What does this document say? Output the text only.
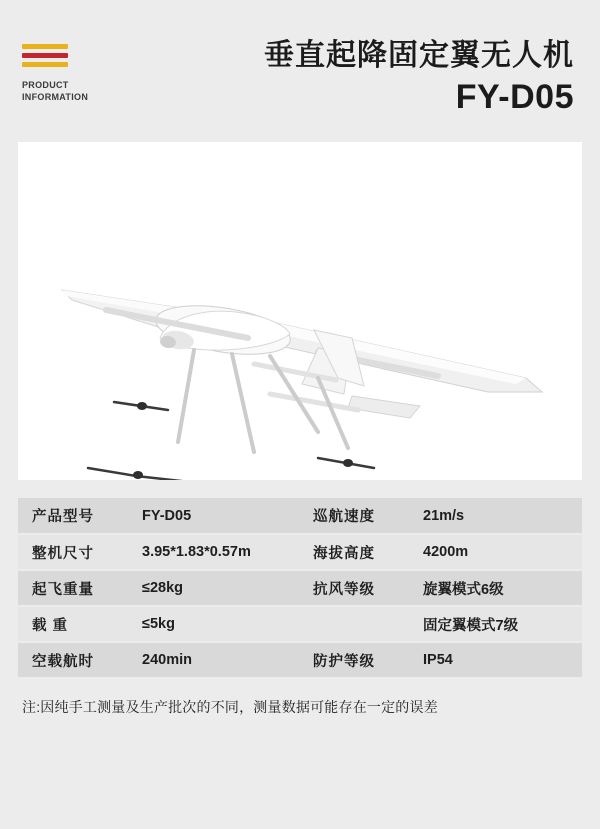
PRODUCT
INFORMATION
垂直起降固定翼无人机
FY-D05
产品型号	FY-D05	巡航速度	21m/s
整机尺寸	3.95*1.83*0.57m	海拔高度	4200m
起飞重量	≤28kg	抗风等级	旋翼模式6级
载 重	≤5kg		固定翼模式7级
空载航时	240min	防护等级	IP54
注:因纯手工测量及生产批次的不同，测量数据可能存在一定的误差
